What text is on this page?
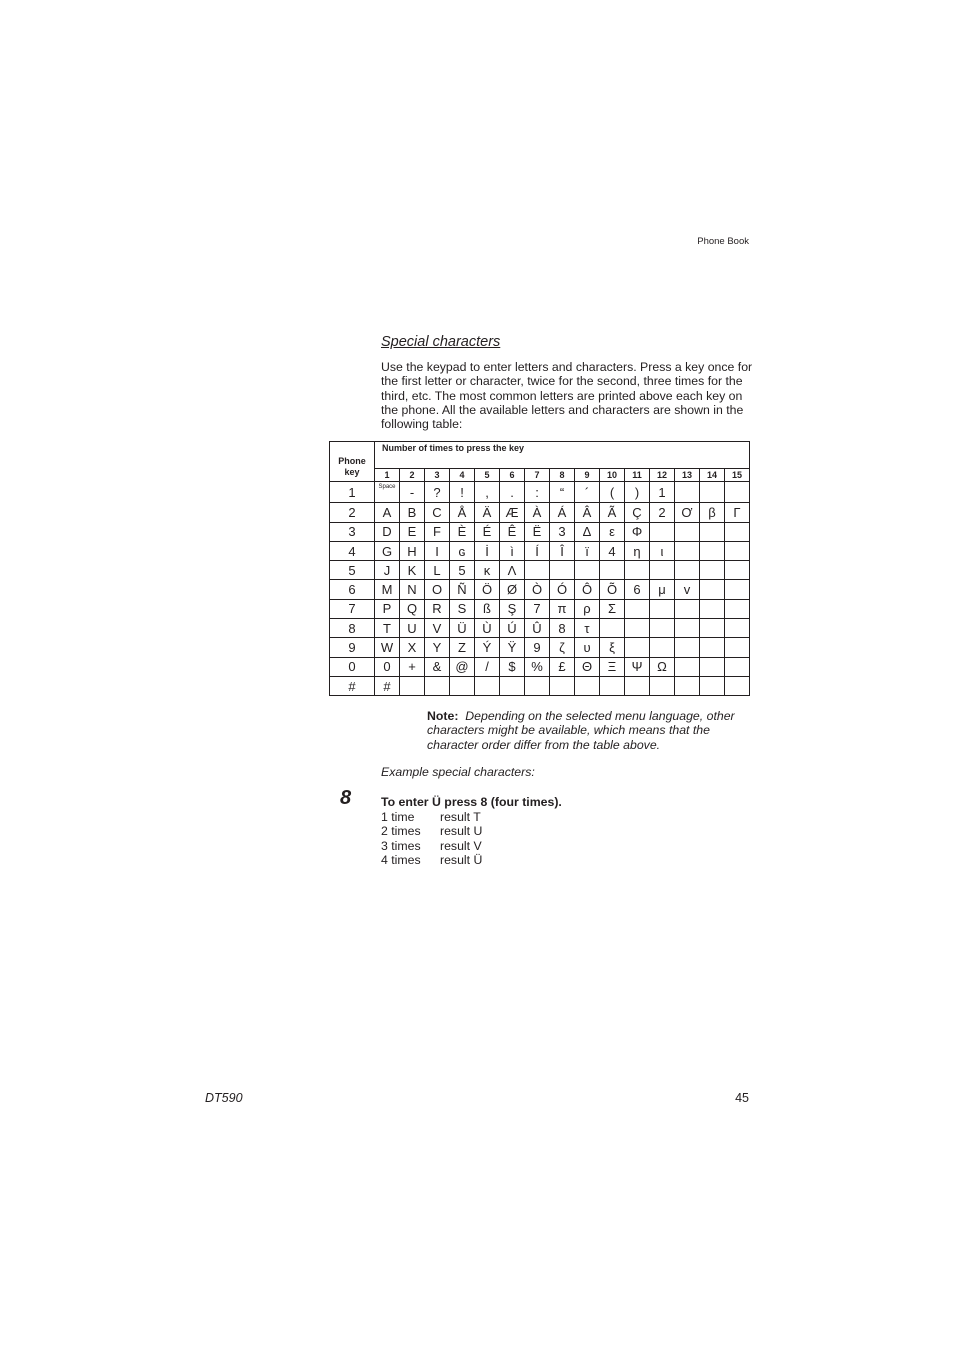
Phone Book
Special characters
Use the keypad to enter letters and characters. Press a key once for the first letter or character, twice for the second, three times for the third, etc. The most common letters are printed above each key on the phone. All the available letters and characters are shown in the following table:
Phone key	Number of times to press the key														
	1	2	3	4	5	6	7	8	9	10	11	12	13	14	15
1	Space	-	?	!	,	.	:	“	´	(	)	1			
2	A	B	C	Å	Ä	Æ	À	Á	Â	Ã	Ç	2	Ơ	β	Γ
3	D	E	F	È	É	Ê	Ë	3	Δ	ε	Φ				
4	G	H	I	ɢ	İ	ì	Í	Î	ï	4	η	ι			
5	J	K	L	5	ᴋ	Λ									
6	M	N	O	Ñ	Ö	Ø	Ò	Ó	Ô	Õ	6	μ	ᴠ		
7	P	Q	R	S	ß	Ş	7	π	ρ	Σ					
8	T	U	V	Ü	Ù	Ú	Û	8	τ						
9	W	X	Y	Z	Ý	Ÿ	9	ζ	υ	ξ					
0	0	+	&	@	/	$	%	£	Θ	Ξ	Ψ	Ω			
#	#														
Note: Depending on the selected menu language, other characters might be available, which means that the character order differ from the table above.
Example special characters:
8 To enter Ü press 8 (four times).
1 time	result T
2 times	result U
3 times	result V
4 times	result Ü
DT590	45
